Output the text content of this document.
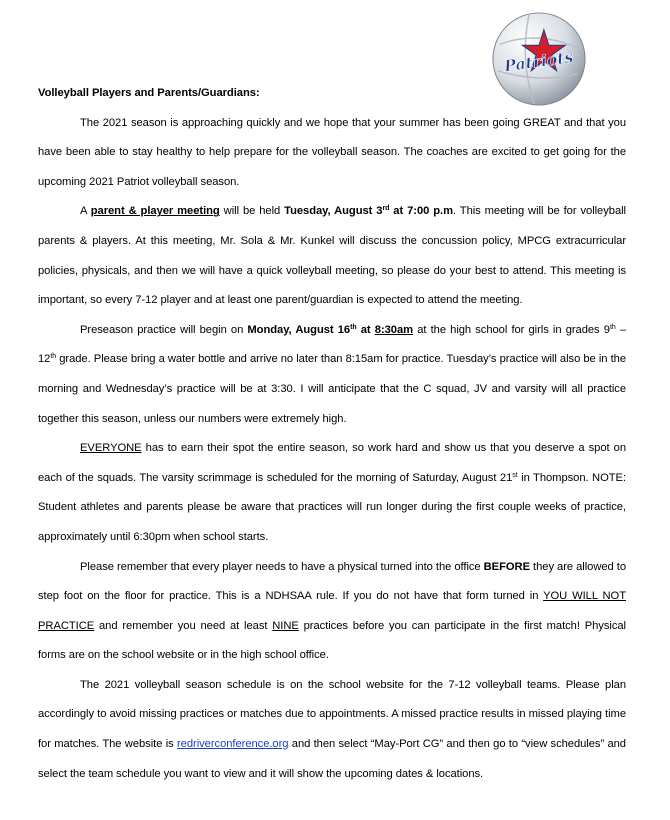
Patriots
Volleyball Players and Parents/Guardians:

The 2021 season is approaching quickly and we hope that your summer has been going GREAT and that you have been able to stay healthy to help prepare for the volleyball season. The coaches are excited to get going for the upcoming 2021 Patriot volleyball season.

A parent & player meeting will be held Tuesday, August 3rd at 7:00 p.m. This meeting will be for volleyball parents & players. At this meeting, Mr. Sola & Mr. Kunkel will discuss the concussion policy, MPCG extracurricular policies, physicals, and then we will have a quick volleyball meeting, so please do your best to attend. This meeting is important, so every 7-12 player and at least one parent/guardian is expected to attend the meeting.

Preseason practice will begin on Monday, August 16th at 8:30am at the high school for girls in grades 9th – 12th grade. Please bring a water bottle and arrive no later than 8:15am for practice. Tuesday’s practice will also be in the morning and Wednesday’s practice will be at 3:30. I will anticipate that the C squad, JV and varsity will all practice together this season, unless our numbers were extremely high.

EVERYONE has to earn their spot the entire season, so work hard and show us that you deserve a spot on each of the squads. The varsity scrimmage is scheduled for the morning of Saturday, August 21st in Thompson. NOTE: Student athletes and parents please be aware that practices will run longer during the first couple weeks of practice, approximately until 6:30pm when school starts.

Please remember that every player needs to have a physical turned into the office BEFORE they are allowed to step foot on the floor for practice. This is a NDHSAA rule. If you do not have that form turned in YOU WILL NOT PRACTICE and remember you need at least NINE practices before you can participate in the first match! Physical forms are on the school website or in the high school office.

The 2021 volleyball season schedule is on the school website for the 7-12 volleyball teams. Please plan accordingly to avoid missing practices or matches due to appointments. A missed practice results in missed playing time for matches. The website is redriverconference.org and then select “May-Port CG” and then go to “view schedules” and select the team schedule you want to view and it will show the upcoming dates & locations.
